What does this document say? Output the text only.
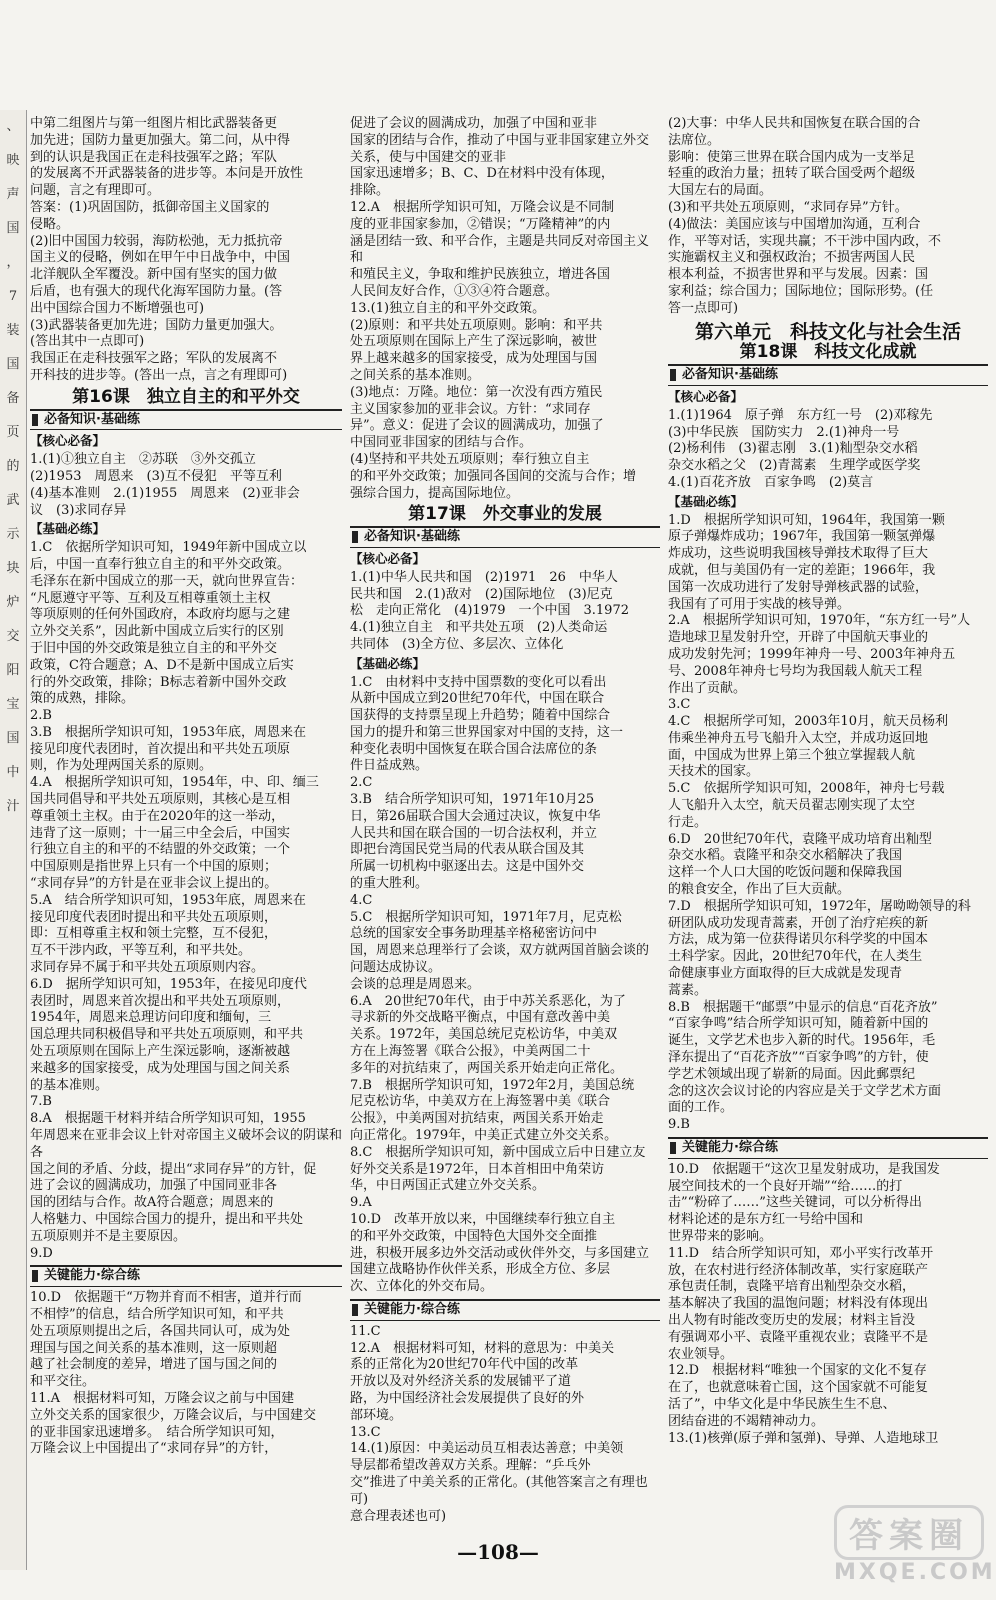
、
映
声
国
，
7
装
国
备
页
的
武
示
块
炉
交
阳
宝
国
中
汁
中第二组图片与第一组图片相比武器装备更
加先进；国防力量更加强大。第二问，从中得
到的认识是我国正在走科技强军之路；军队
的发展离不开武器装备的进步等。本问是开放性
问题，言之有理即可。
答案：(1)巩固国防，抵御帝国主义国家的
侵略。
(2)旧中国国力较弱，海防松弛，无力抵抗帝
国主义的侵略，例如在甲午中日战争中，中国
北洋舰队全军覆没。新中国有坚实的国力做
后盾，也有强大的现代化海军国防力量。(答
出中国综合国力不断增强也可)
(3)武器装备更加先进；国防力量更加强大。
(答出其中一点即可)
我国正在走科技强军之路；军队的发展离不
开科技的进步等。(答出一点，言之有理即可)
第16课　独立自主的和平外交
必备知识·基础练
【核心必备】
1.(1)①独立自主　②苏联　③外交孤立
(2)1953　周恩来　(3)互不侵犯　平等互利
(4)基本准则　2.(1)1955　周恩来　(2)亚非会
议　(3)求同存异
【基础必练】
1.C　依据所学知识可知，1949年新中国成立以
后，中国一直奉行独立自主的和平外交政策。
毛泽东在新中国成立的那一天，就向世界宣告：
“凡愿遵守平等、互利及互相尊重领土主权
等项原则的任何外国政府，本政府均愿与之建
立外交关系”，因此新中国成立后实行的区别
于旧中国的外交政策是独立自主的和平外交
政策，C符合题意；A、D不是新中国成立后实
行的外交政策，排除；B标志着新中国外交政
策的成熟，排除。
2.B
3.B　根据所学知识可知，1953年底，周恩来在
接见印度代表团时，首次提出和平共处五项原
则，作为处理两国关系的原则。
4.A　根据所学知识可知，1954年，中、印、缅三
国共同倡导和平共处五项原则，其核心是互相
尊重领土主权。由于在2020年的这一举动，
违背了这一原则；十一届三中全会后，中国实
行独立自主的和平的不结盟的外交政策；一个
中国原则是指世界上只有一个中国的原则；
“求同存异”的方针是在亚非会议上提出的。
5.A　结合所学知识可知，1953年底，周恩来在
接见印度代表团时提出和平共处五项原则，
即：互相尊重主权和领土完整，互不侵犯，
互不干涉内政，平等互利，和平共处。
求同存异不属于和平共处五项原则内容。
6.D　据所学知识可知，1953年，在接见印度代
表团时，周恩来首次提出和平共处五项原则，
1954年，周恩来总理访问印度和缅甸，三
国总理共同积极倡导和平共处五项原则，和平共
处五项原则在国际上产生深远影响，逐渐被越
来越多的国家接受，成为处理国与国之间关系
的基本准则。
7.B
8.A　根据题干材料并结合所学知识可知，1955
年周恩来在亚非会议上针对帝国主义破坏会议的阴谋和各
国之间的矛盾、分歧，提出“求同存异”的方针，促
进了会议的圆满成功，加强了中国同亚非各
国的团结与合作。故A符合题意；周恩来的
人格魅力、中国综合国力的提升，提出和平共处
五项原则并不是主要原因。
9.D
关键能力·综合练
10.D　依据题干“万物并育而不相害，道并行而
不相悖”的信息，结合所学知识可知，和平共
处五项原则提出之后，各国共同认可，成为处
理国与国之间关系的基本准则，这一原则超
越了社会制度的差异，增进了国与国之间的
和平交往。
11.A　根据材料可知，万隆会议之前与中国建
立外交关系的国家很少，万隆会议后，与中国建交
的亚非国家迅速增多。　结合所学知识可知，
万隆会议上中国提出了“求同存异”的方针，
促进了会议的圆满成功，加强了中国和亚非
国家的团结与合作，推动了中国与亚非国家建立外交关系，使与中国建交的亚非
国家迅速增多；B、C、D在材料中没有体现，
排除。
12.A　根据所学知识可知，万隆会议是不同制
度的亚非国家参加，②错误；“万隆精神”的内
涵是团结一致、和平合作，主题是共同反对帝国主义和
和殖民主义，争取和维护民族独立，增进各国
人民间友好合作，①③④符合题意。
13.(1)独立自主的和平外交政策。
(2)原则：和平共处五项原则。影响：和平共
处五项原则在国际上产生了深远影响，被世
界上越来越多的国家接受，成为处理国与国
之间关系的基本准则。
(3)地点：万隆。地位：第一次没有西方殖民
主义国家参加的亚非会议。方针：“求同存
异”。意义：促进了会议的圆满成功，加强了
中国同亚非国家的团结与合作。
(4)坚持和平共处五项原则；奉行独立自主
的和平外交政策；加强同各国间的交流与合作；增
强综合国力，提高国际地位。
第17课　外交事业的发展
必备知识·基础练
【核心必备】
1.(1)中华人民共和国　(2)1971　26　中华人
民共和国　2.(1)敌对　(2)国际地位　(3)尼克
松　走向正常化　(4)1979　一个中国　3.1972
4.(1)独立自主　和平共处五项　(2)人类命运
共同体　(3)全方位、多层次、立体化
【基础必练】
1.C　由材料中支持中国票数的变化可以看出
从新中国成立到20世纪70年代，中国在联合
国获得的支持票呈现上升趋势；随着中国综合
国力的提升和第三世界国家对中国的支持，这一
种变化表明中国恢复在联合国合法席位的条
件日益成熟。
2.C
3.B　结合所学知识可知，1971年10月25
日，第26届联合国大会通过决议，恢复中华
人民共和国在联合国的一切合法权利，并立
即把台湾国民党当局的代表从联合国及其
所属一切机构中驱逐出去。这是中国外交
的重大胜利。
4.C
5.C　根据所学知识可知，1971年7月，尼克松
总统的国家安全事务助理基辛格秘密访问中
国，周恩来总理举行了会谈，双方就两国首脑会谈的问题达成协议。
会谈的总理是周恩来。
6.A　20世纪70年代，由于中苏关系恶化，为了
寻求新的外交战略平衡点，中国有意改善中美
关系。1972年，美国总统尼克松访华，中美双
方在上海签署《联合公报》，中美两国二十
多年的对抗结束了，两国关系开始走向正常化。
7.B　根据所学知识可知，1972年2月，美国总统
尼克松访华，中美双方在上海签署中美《联合
公报》，中美两国对抗结束，两国关系开始走
向正常化。1979年，中美正式建立外交关系。
8.C　根据所学知识可知，新中国成立后中日建立友
好外交关系是1972年，日本首相田中角荣访
华，中日两国正式建立外交关系。
9.A
10.D　改革开放以来，中国继续奉行独立自主
的和平外交政策，中国特色大国外交全面推
进，积极开展多边外交活动或伙伴外交，与多国建立
国建立战略协作伙伴关系，形成全方位、多层
次、立体化的外交布局。
关键能力·综合练
11.C
12.A　根据材料可知，材料的意思为：中美关
系的正常化为20世纪70年代中国的改革
开放以及对外经济关系的发展铺平了道
路，为中国经济社会发展提供了良好的外
部环境。
13.C
14.(1)原因：中美运动员互相表达善意；中美领
导层都希望改善双方关系。理解：“乒乓外
交”推进了中美关系的正常化。(其他答案言之有理也可)
意合理表述也可)
(2)大事：中华人民共和国恢复在联合国的合
法席位。
影响：使第三世界在联合国内成为一支举足
轻重的政治力量；扭转了联合国受两个超级
大国左右的局面。
(3)和平共处五项原则，“求同存异”方针。
(4)做法：美国应该与中国增加沟通，互利合
作，平等对话，实现共赢；不干涉中国内政，不
实施霸权主义和强权政治；不损害两国人民
根本利益，不损害世界和平与发展。因素：国
家利益；综合国力；国际地位；国际形势。(任
答一点即可)
第六单元　科技文化与社会生活
第18课　科技文化成就
必备知识·基础练
【核心必备】
1.(1)1964　原子弹　东方红一号　(2)邓稼先
(3)中华民族　国防实力　2.(1)神舟一号
(2)杨利伟　(3)翟志刚　3.(1)籼型杂交水稻
杂交水稻之父　(2)青蒿素　生理学或医学奖
4.(1)百花齐放　百家争鸣　(2)莫言
【基础必练】
1.D　根据所学知识可知，1964年，我国第一颗
原子弹爆炸成功；1967年，我国第一颗氢弹爆
炸成功，这些说明我国核导弹技术取得了巨大
成就，但与美国仍有一定的差距；1966年，我
国第一次成功进行了发射导弹核武器的试验，
我国有了可用于实战的核导弹。
2.A　根据所学知识可知，1970年，“东方红一号”人
造地球卫星发射升空，开辟了中国航天事业的
成功发射先河；1999年神舟一号、2003年神舟五
号、2008年神舟七号均为我国载人航天工程
作出了贡献。
3.C
4.C　根据所学可知，2003年10月，航天员杨利
伟乘坐神舟五号飞船升入太空，并成功返回地
面，中国成为世界上第三个独立掌握载人航
天技术的国家。
5.C　依据所学知识可知，2008年，神舟七号载
人飞船升入太空，航天员翟志刚实现了太空
行走。
6.D　20世纪70年代，袁隆平成功培育出籼型
杂交水稻。袁隆平和杂交水稻解决了我国
这样一个人口大国的吃饭问题和保障我国
的粮食安全，作出了巨大贡献。
7.D　根据所学知识可知，1972年，屠呦呦领导的科
研团队成功发现青蒿素，开创了治疗疟疾的新
方法，成为第一位获得诺贝尔科学奖的中国本
土科学家。因此，20世纪70年代，在人类生
命健康事业方面取得的巨大成就是发现青
蒿素。
8.B　根据题干“邮票”中显示的信息“百花齐放”
“百家争鸣”结合所学知识可知，随着新中国的
诞生，文学艺术也步入新的时代。1956年，毛
泽东提出了“百花齐放”“百家争鸣”的方针，使
学艺术领域出现了崭新的局面。因此郵票纪
念的这次会议讨论的内容应是关于文学艺术方面
面的工作。
9.B
关键能力·综合练
10.D　依据题干“这次卫星发射成功，是我国发
展空间技术的一个良好开端”“给……的打
击”“粉碎了……”这些关键词，可以分析得出
材料论述的是东方红一号给中国和
世界带来的影响。
11.D　结合所学知识可知，邓小平实行改革开
放，在农村进行经济体制改革，实行家庭联产
承包责任制，袁隆平培育出籼型杂交水稻，
基本解决了我国的温饱问题；材料没有体现出
出人物有时能改变历史的发展；材料主旨没
有强调邓小平、袁隆平重视农业；袁隆平不是
农业领导。
12.D　根据材料“唯独一个国家的文化不复存
在了，也就意味着亡国，这个国家就不可能复
活了”，中华文化是中华民族生生不息、
团结奋进的不竭精神动力。
13.(1)核弹(原子弹和氢弹)、导弹、人造地球卫
—108—	答案圈
MXQE.COM
